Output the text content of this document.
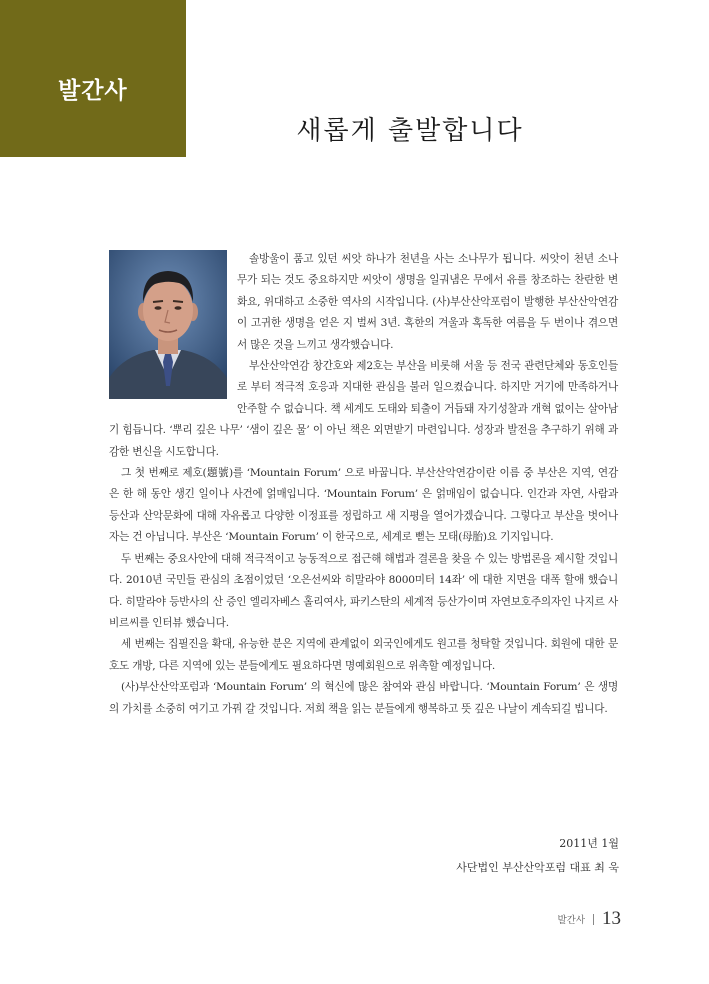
발간사
새롭게 출발합니다

솔방울이 품고 있던 씨앗 하나가 천년을 사는 소나무가 됩니다. 씨앗이 천년 소나무가 되는 것도 중요하지만 씨앗이 생명을 일궈냄은 무에서 유를 창조하는 찬란한 변화요, 위대하고 소중한 역사의 시작입니다. (사)부산산악포럼이 발행한 부산산악연감이 고귀한 생명을 얻은 지 벌써 3년. 혹한의 겨울과 혹독한 여름을 두 번이나 겪으면서 많은 것을 느끼고 생각했습니다.

부산산악연감 창간호와 제2호는 부산을 비롯해 서울 등 전국 관련단체와 동호인들로 부터 적극적 호응과 지대한 관심을 불러 일으켰습니다. 하지만 거기에 만족하거나 안주할 수 없습니다. 책 세계도 도태와 퇴출이 거듭돼 자기성찰과 개혁 없이는 살아남기 힘듭니다. ‘뿌리 깊은 나무’ ‘샘이 깊은 물’ 이 아닌 책은 외면받기 마련입니다. 성장과 발전을 추구하기 위해 과감한 변신을 시도합니다.

그 첫 번째로 제호(題號)를 ‘Mountain Forum’ 으로 바꿉니다. 부산산악연감이란 이름 중 부산은 지역, 연감은 한 해 동안 생긴 일이나 사건에 얽매입니다. ‘Mountain Forum’ 은 얽매임이 없습니다. 인간과 자연, 사람과 등산과 산악문화에 대해 자유롭고 다양한 이정표를 정립하고 새 지평을 열어가겠습니다. 그렇다고 부산을 벗어나자는 건 아닙니다. 부산은 ‘Mountain Forum’ 이 한국으로, 세계로 뻗는 모태(母胎)요 기지입니다.

두 번째는 중요사안에 대해 적극적이고 능동적으로 접근해 해법과 결론을 찾을 수 있는 방법론을 제시할 것입니다. 2010년 국민들 관심의 초점이었던 ‘오은선씨와 히말라야 8000미터 14좌’ 에 대한 지면을 대폭 할애 했습니다. 히말라야 등반사의 산 증인 엘리자베스 홀리여사, 파키스탄의 세계적 등산가이며 자연보호주의자인 나지르 사비르씨를 인터뷰 했습니다.

세 번째는 집필진을 확대, 유능한 분은 지역에 관계없이 외국인에게도 원고를 청탁할 것입니다. 회원에 대한 문호도 개방, 다른 지역에 있는 분들에게도 필요하다면 명예회원으로 위촉할 예정입니다.

(사)부산산악포럼과 ‘Mountain Forum’ 의 혁신에 많은 참여와 관심 바랍니다. ‘Mountain Forum’ 은 생명의 가치를 소중히 여기고 가꿔 갈 것입니다. 저희 책을 읽는 분들에게 행복하고 뜻 깊은 나날이 계속되길 빕니다.

2011년 1월
사단법인 부산산악포럼 대표 최 욱
발간사 13
